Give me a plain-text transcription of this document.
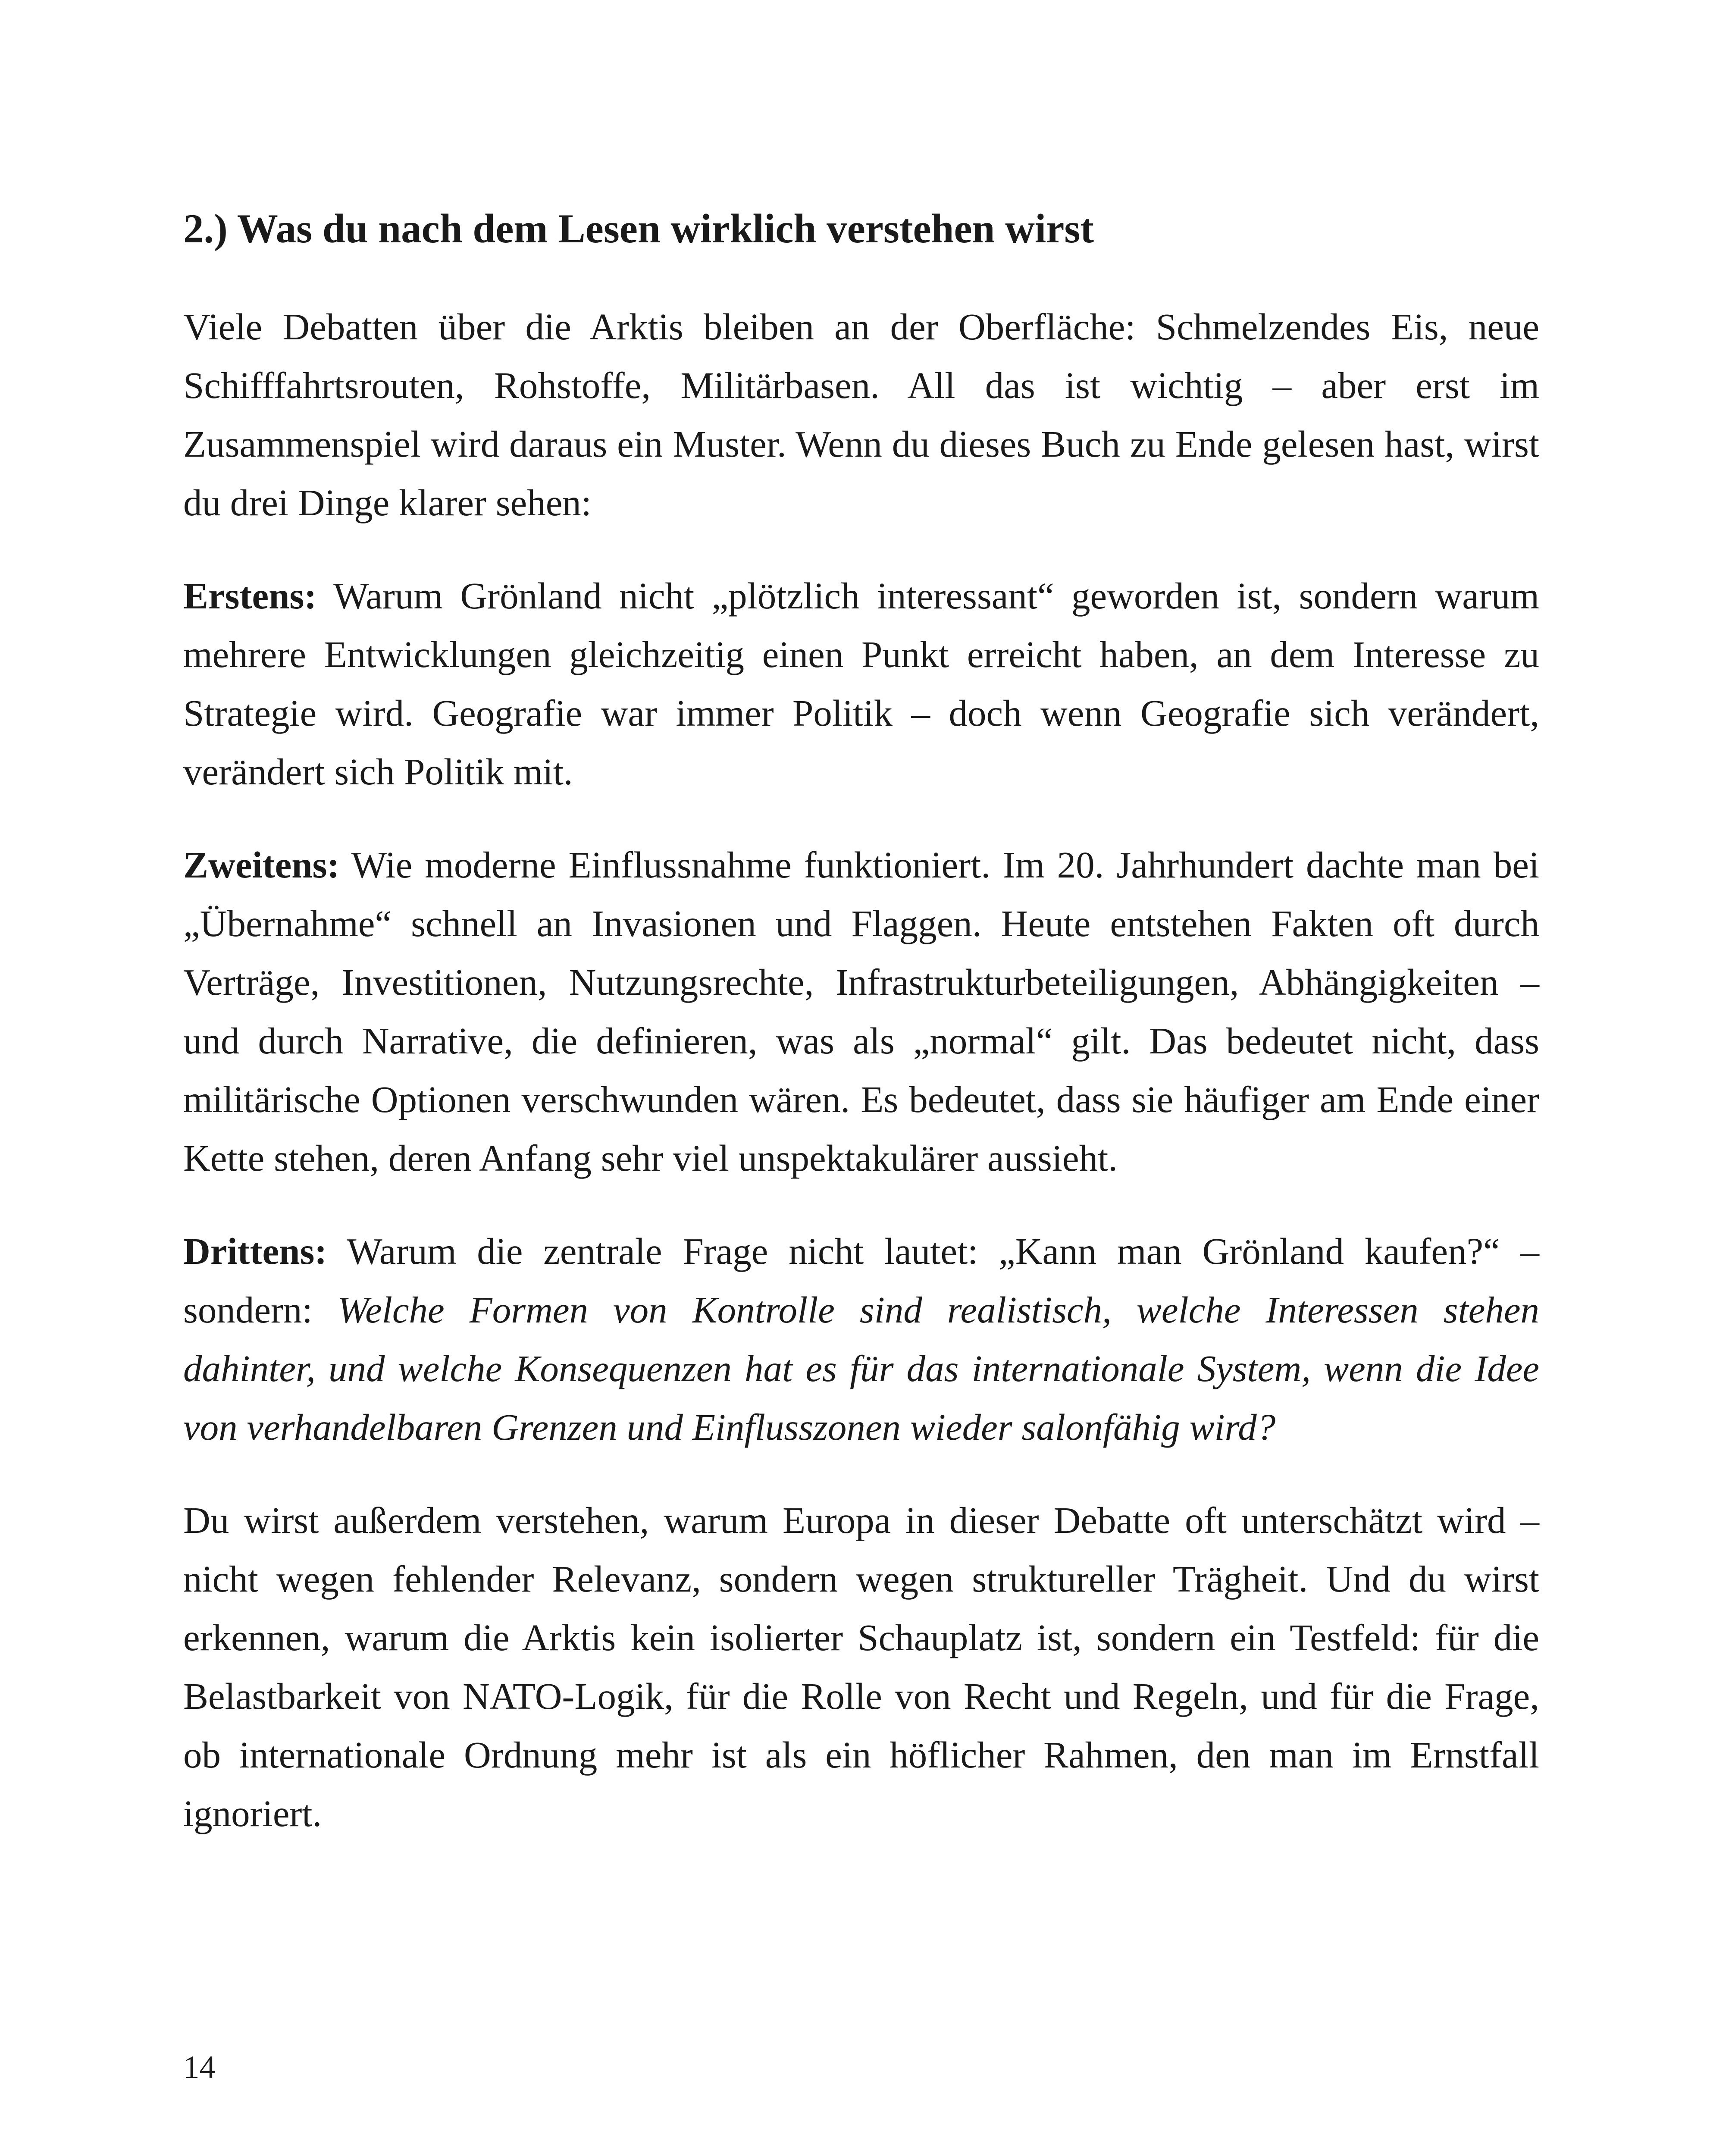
2.) Was du nach dem Lesen wirklich verstehen wirst

Viele Debatten über die Arktis bleiben an der Oberfläche: Schmelzendes Eis, neue Schifffahrtsrouten, Rohstoffe, Militärbasen. All das ist wichtig – aber erst im Zusammenspiel wird daraus ein Muster. Wenn du dieses Buch zu Ende gelesen hast, wirst du drei Dinge klarer sehen:

Erstens: Warum Grönland nicht „plötzlich interessant“ geworden ist, sondern warum mehrere Entwicklungen gleichzeitig einen Punkt erreicht haben, an dem Interesse zu Strategie wird. Geografie war immer Politik – doch wenn Geografie sich verändert, verändert sich Politik mit.

Zweitens: Wie moderne Einflussnahme funktioniert. Im 20. Jahrhundert dachte man bei „Übernahme“ schnell an Invasionen und Flaggen. Heute entstehen Fakten oft durch Verträge, Investitionen, Nutzungsrechte, Infrastrukturbeteiligungen, Abhängigkeiten – und durch Narrative, die definieren, was als „normal“ gilt. Das bedeutet nicht, dass militärische Optionen verschwunden wären. Es bedeutet, dass sie häufiger am Ende einer Kette stehen, deren Anfang sehr viel unspektakulärer aussieht.

Drittens: Warum die zentrale Frage nicht lautet: „Kann man Grönland kaufen?“ – sondern: Welche Formen von Kontrolle sind realistisch, welche Interessen stehen dahinter, und welche Konsequenzen hat es für das internationale System, wenn die Idee von verhandelbaren Grenzen und Einflusszonen wieder salonfähig wird?

Du wirst außerdem verstehen, warum Europa in dieser Debatte oft unterschätzt wird – nicht wegen fehlender Relevanz, sondern wegen struktureller Trägheit. Und du wirst erkennen, warum die Arktis kein isolierter Schauplatz ist, sondern ein Testfeld: für die Belastbarkeit von NATO-Logik, für die Rolle von Recht und Regeln, und für die Frage, ob internationale Ordnung mehr ist als ein höflicher Rahmen, den man im Ernstfall ignoriert.

14
